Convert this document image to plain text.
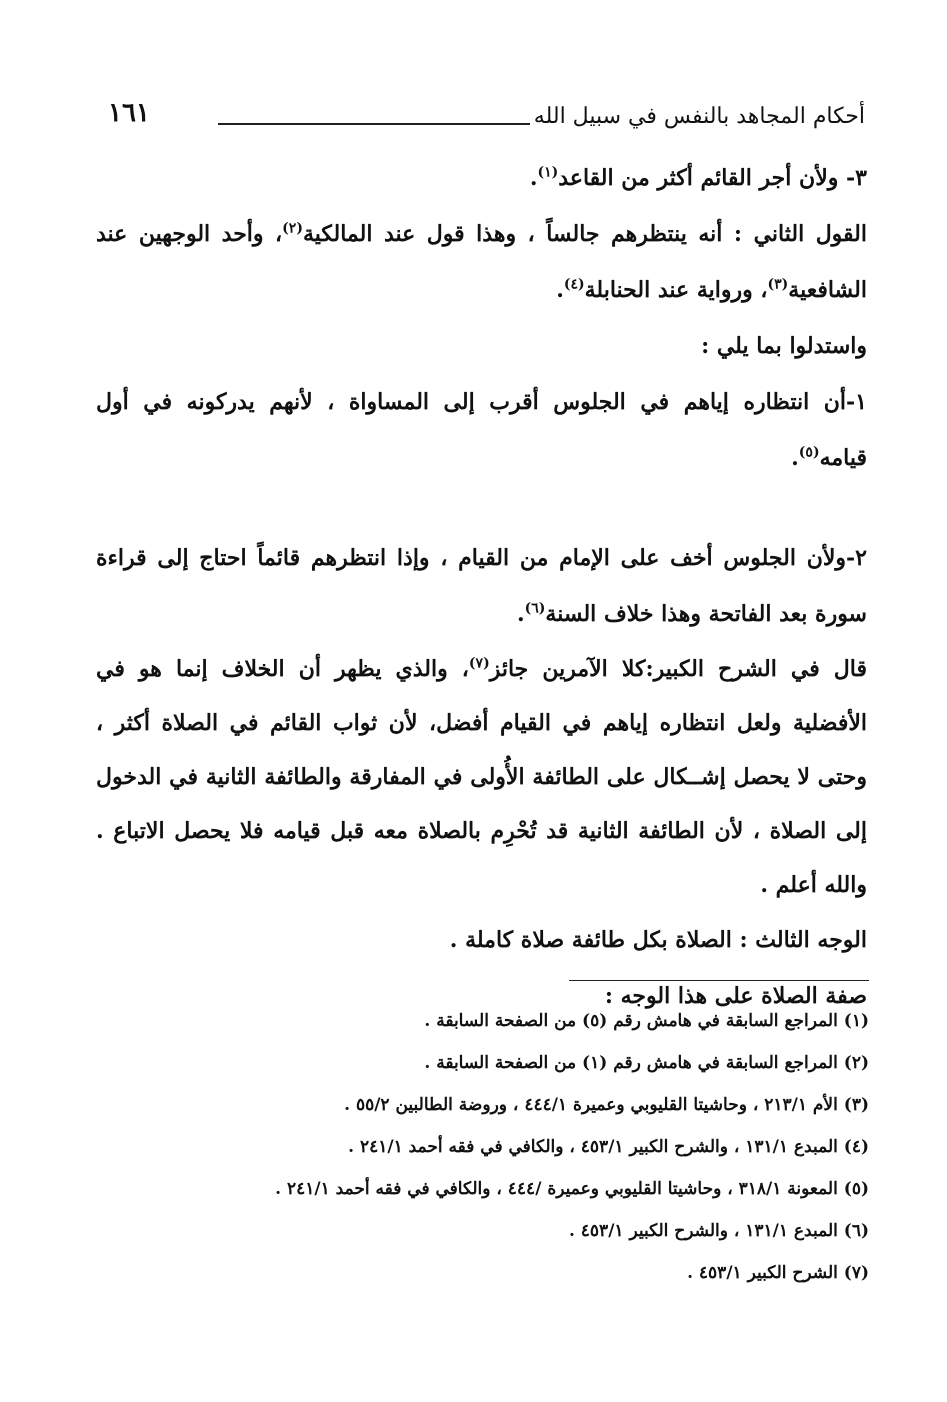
أحكام المجاهد بالنفس في سبيل الله
١٦١

٣- ولأن أجر القائم أكثر من القاعد$^{(١)}$.

القول الثاني : أنه ينتظرهم جالساً ، وهذا قول عند المالكية$^{(٢)}$، وأحد الوجهين عند الشافعية$^{(٣)}$، ورواية عند الحنابلة$^{(٤)}$.

واستدلوا بما يلي :

١-أن انتظاره إياهم في الجلوس أقرب إلى المساواة ، لأنهم يدركونه في أول قيامه$^{(٥)}$.

٢-ولأن الجلوس أخف على الإمام من القيام ، وإذا انتظرهم قائماً احتاج إلى قراءة سورة بعد الفاتحة وهذا خلاف السنة$^{(٦)}$.

قال في الشرح الكبير:كلا الآمرين جائز$^{(٧)}$، والذي يظهر أن الخلاف إنما هو في الأفضلية ولعل انتظاره إياهم في القيام أفضل، لأن ثواب القائم في الصلاة أكثر ، وحتى لا يحصل إشــكال على الطائفة الأُولى في المفارقة والطائفة الثانية في الدخول إلى الصلاة ، لأن الطائفة الثانية قد تُحْرِم بالصلاة معه قبل قيامه فلا يحصل الاتباع . والله أعلم .

الوجه الثالث : الصلاة بكل طائفة صلاة كاملة .

صفة الصلاة على هذا الوجه :

(١) المراجع السابقة في هامش رقم (٥) من الصفحة السابقة .

(٢) المراجع السابقة في هامش رقم (١) من الصفحة السابقة .

(٣) الأم ٢١٣/١ ، وحاشيتا القليوبي وعميرة ٤٤٤/١ ، وروضة الطالبين ٥٥/٢ .

(٤) المبدع ١٣١/١ ، والشرح الكبير ٤٥٣/١ ، والكافي في فقه أحمد ٢٤١/١ .

(٥) المعونة ٣١٨/١ ، وحاشيتا القليوبي وعميرة /٤٤٤ ، والكافي في فقه أحمد ٢٤١/١ .

(٦) المبدع ١٣١/١ ، والشرح الكبير ٤٥٣/١ .

(٧) الشرح الكبير ٤٥٣/١ .
